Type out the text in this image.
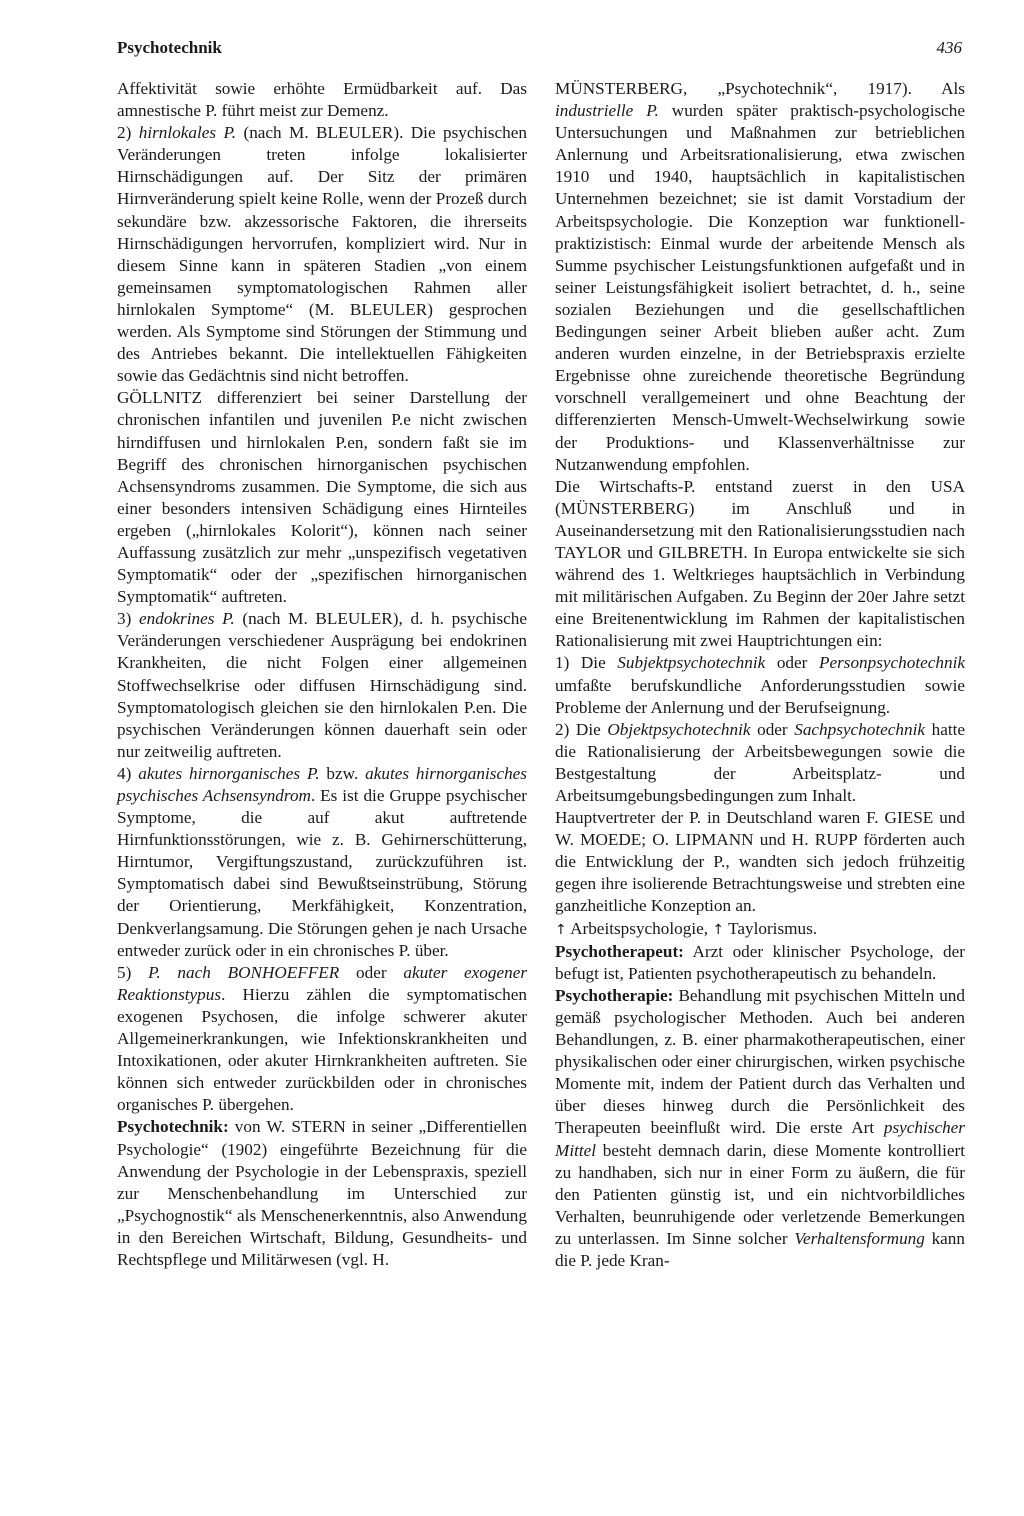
Psychotechnik	436

Affektivität sowie erhöhte Ermüdbarkeit auf. Das amnestische P. führt meist zur Demenz.

2) hirnlokales P. (nach M. BLEULER). Die psychischen Veränderungen treten infolge lokalisierter Hirnschädigungen auf. Der Sitz der primären Hirnveränderung spielt keine Rolle, wenn der Prozeß durch sekundäre bzw. akzessorische Faktoren, die ihrerseits Hirnschädigungen hervorrufen, kompliziert wird. Nur in diesem Sinne kann in späteren Stadien „von einem gemeinsamen symptomatologischen Rahmen aller hirnlokalen Symptome“ (M. BLEULER) gesprochen werden. Als Symptome sind Störungen der Stimmung und des Antriebes bekannt. Die intellektuellen Fähigkeiten sowie das Gedächtnis sind nicht betroffen.

GÖLLNITZ differenziert bei seiner Darstellung der chronischen infantilen und juvenilen P.e nicht zwischen hirndiffusen und hirnlokalen P.en, sondern faßt sie im Begriff des chronischen hirnorganischen psychischen Achsensyndroms zusammen. Die Symptome, die sich aus einer besonders intensiven Schädigung eines Hirnteiles ergeben („hirnlokales Kolorit“), können nach seiner Auffassung zusätzlich zur mehr „unspezifisch vegetativen Symptomatik“ oder der „spezifischen hirnorganischen Symptomatik“ auftreten.

3) endokrines P. (nach M. BLEULER), d. h. psychische Veränderungen verschiedener Ausprägung bei endokrinen Krankheiten, die nicht Folgen einer allgemeinen Stoffwechselkrise oder diffusen Hirnschädigung sind. Symptomatologisch gleichen sie den hirnlokalen P.en. Die psychischen Veränderungen können dauerhaft sein oder nur zeitweilig auftreten.

4) akutes hirnorganisches P. bzw. akutes hirnorganisches psychisches Achsensyndrom. Es ist die Gruppe psychischer Symptome, die auf akut auftretende Hirnfunktionsstörungen, wie z. B. Gehirnerschütterung, Hirntumor, Vergiftungszustand, zurückzuführen ist. Symptomatisch dabei sind Bewußtseinstrübung, Störung der Orientierung, Merkfähigkeit, Konzentration, Denkverlangsamung. Die Störungen gehen je nach Ursache entweder zurück oder in ein chronisches P. über.

5) P. nach BONHOEFFER oder akuter exogener Reaktionstypus. Hierzu zählen die symptomatischen exogenen Psychosen, die infolge schwerer akuter Allgemeinerkrankungen, wie Infektionskrankheiten und Intoxikationen, oder akuter Hirnkrankheiten auftreten. Sie können sich entweder zurückbilden oder in chronisches organisches P. übergehen.

Psychotechnik: von W. STERN in seiner „Differentiellen Psychologie“ (1902) eingeführte Bezeichnung für die Anwendung der Psychologie in der Lebenspraxis, speziell zur Menschenbehandlung im Unterschied zur „Psychognostik“ als Menschenerkenntnis, also Anwendung in den Bereichen Wirtschaft, Bildung, Gesundheits- und Rechtspflege und Militärwesen (vgl. H.

MÜNSTERBERG, „Psychotechnik“, 1917). Als industrielle P. wurden später praktisch-psychologische Untersuchungen und Maßnahmen zur betrieblichen Anlernung und Arbeitsrationalisierung, etwa zwischen 1910 und 1940, hauptsächlich in kapitalistischen Unternehmen bezeichnet; sie ist damit Vorstadium der Arbeitspsychologie. Die Konzeption war funktionell-praktizistisch: Einmal wurde der arbeitende Mensch als Summe psychischer Leistungsfunktionen aufgefaßt und in seiner Leistungsfähigkeit isoliert betrachtet, d. h., seine sozialen Beziehungen und die gesellschaftlichen Bedingungen seiner Arbeit blieben außer acht. Zum anderen wurden einzelne, in der Betriebspraxis erzielte Ergebnisse ohne zureichende theoretische Begründung vorschnell verallgemeinert und ohne Beachtung der differenzierten Mensch-Umwelt-Wechselwirkung sowie der Produktions- und Klassenverhältnisse zur Nutzanwendung empfohlen.

Die Wirtschafts-P. entstand zuerst in den USA (MÜNSTERBERG) im Anschluß und in Auseinandersetzung mit den Rationalisierungsstudien nach TAYLOR und GILBRETH. In Europa entwickelte sie sich während des 1. Weltkrieges hauptsächlich in Verbindung mit militärischen Aufgaben. Zu Beginn der 20er Jahre setzt eine Breitenentwicklung im Rahmen der kapitalistischen Rationalisierung mit zwei Hauptrichtungen ein:

1) Die Subjektpsychotechnik oder Personpsychotechnik umfaßte berufskundliche Anforderungsstudien sowie Probleme der Anlernung und der Berufseignung.

2) Die Objektpsychotechnik oder Sachpsychotechnik hatte die Rationalisierung der Arbeitsbewegungen sowie die Bestgestaltung der Arbeitsplatz- und Arbeitsumgebungsbedingungen zum Inhalt.

Hauptvertreter der P. in Deutschland waren F. GIESE und W. MOEDE; O. LIPMANN und H. RUPP förderten auch die Entwicklung der P., wandten sich jedoch frühzeitig gegen ihre isolierende Betrachtungsweise und strebten eine ganzheitliche Konzeption an.

↑ Arbeitspsychologie, ↑ Taylorismus.

Psychotherapeut: Arzt oder klinischer Psychologe, der befugt ist, Patienten psychotherapeutisch zu behandeln.

Psychotherapie: Behandlung mit psychischen Mitteln und gemäß psychologischer Methoden. Auch bei anderen Behandlungen, z. B. einer pharmakotherapeutischen, einer physikalischen oder einer chirurgischen, wirken psychische Momente mit, indem der Patient durch das Verhalten und über dieses hinweg durch die Persönlichkeit des Therapeuten beeinflußt wird. Die erste Art psychischer Mittel besteht demnach darin, diese Momente kontrolliert zu handhaben, sich nur in einer Form zu äußern, die für den Patienten günstig ist, und ein nichtvorbildliches Verhalten, beunruhigende oder verletzende Bemerkungen zu unterlassen. Im Sinne solcher Verhaltensformung kann die P. jede Kran-
